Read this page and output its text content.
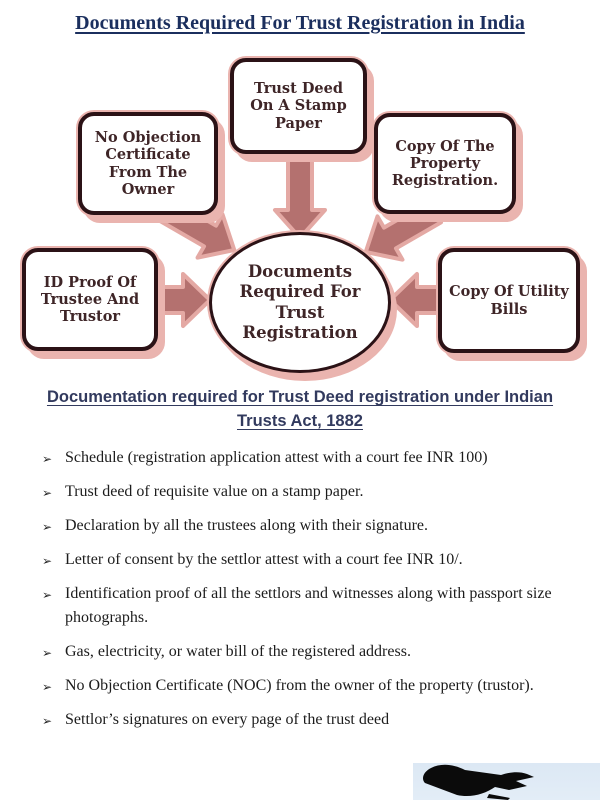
Documents Required For Trust Registration in India
Trust Deed On A Stamp Paper
No Objection Certificate From The Owner
Copy Of The Property Registration.
ID Proof Of Trustee And Trustor
Copy Of Utility Bills
Documents Required For Trust Registration
Documentation required for Trust Deed registration under Indian Trusts Act, 1882
➢ Schedule (registration application attest with a court fee INR 100)
➢ Trust deed of requisite value on a stamp paper.
➢ Declaration by all the trustees along with their signature.
➢ Letter of consent by the settlor attest with a court fee INR 10/.
➢ Identification proof of all the settlors and witnesses along with passport size photographs.
➢ Gas, electricity, or water bill of the registered address.
➢ No Objection Certificate (NOC) from the owner of the property (trustor).
➢ Settlor’s signatures on every page of the trust deed
